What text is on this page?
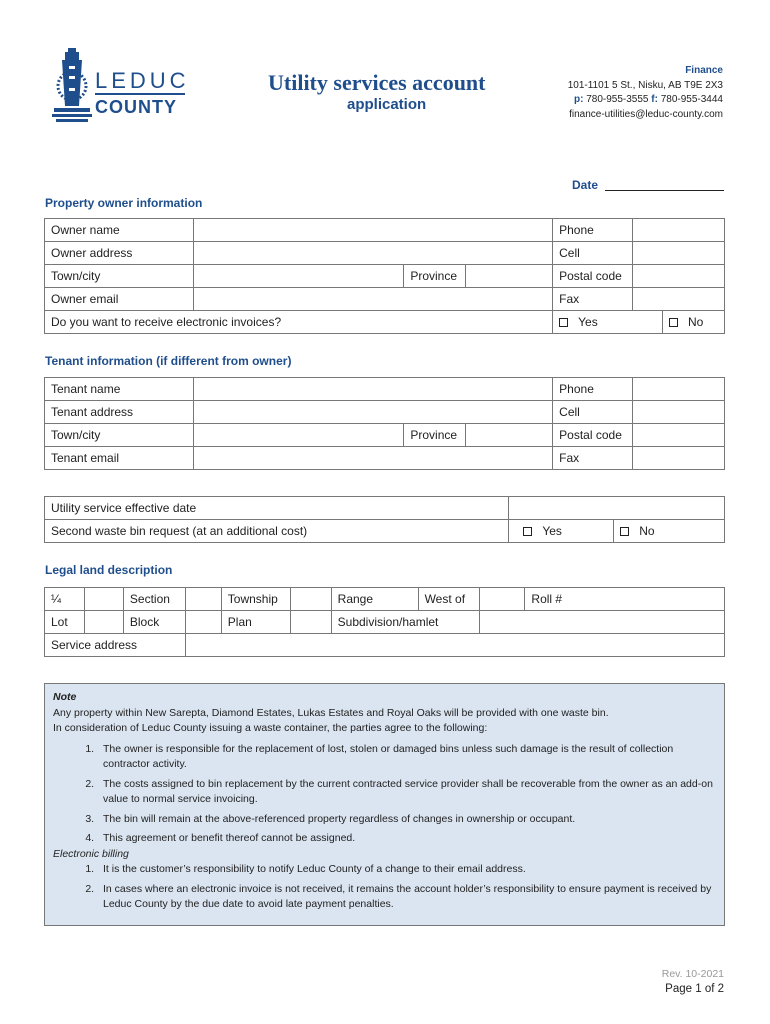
LEDUC
COUNTY
Utility services account
application
Finance
101-1101 5 St., Nisku, AB T9E 2X3
p: 780-955-3555 f: 780-955-3444
finance-utilities@leduc-county.com
Date
Property owner information
Owner name				Phone		
Owner address				Cell		
Town/city		Province		Postal code		
Owner email				Fax		
Do you want to receive electronic invoices?				Yes		No
Tenant information (if different from owner)
Tenant name				Phone	
Tenant address				Cell	
Town/city		Province		Postal code	
Tenant email				Fax	
Utility service effective date		
Second waste bin request (at an additional cost)	Yes	No
Legal land description
¼		Section		Township		Range	West of		Roll #
Lot		Block		Plan		Subdivision/hamlet			
Service address									
Note
Any property within New Sarepta, Diamond Estates, Lukas Estates and Royal Oaks will be provided with one waste bin.
In consideration of Leduc County issuing a waste container, the parties agree to the following:
1. The owner is responsible for the replacement of lost, stolen or damaged bins unless such damage is the result of collection contractor activity.
2. The costs assigned to bin replacement by the current contracted service provider shall be recoverable from the owner as an add-on value to normal service invoicing.
3. The bin will remain at the above-referenced property regardless of changes in ownership or occupant.
4. This agreement or benefit thereof cannot be assigned.
Electronic billing
1. It is the customer’s responsibility to notify Leduc County of a change to their email address.
2. In cases where an electronic invoice is not received, it remains the account holder’s responsibility to ensure payment is received by Leduc County by the due date to avoid late payment penalties.
Rev. 10-2021
Page 1 of 2
